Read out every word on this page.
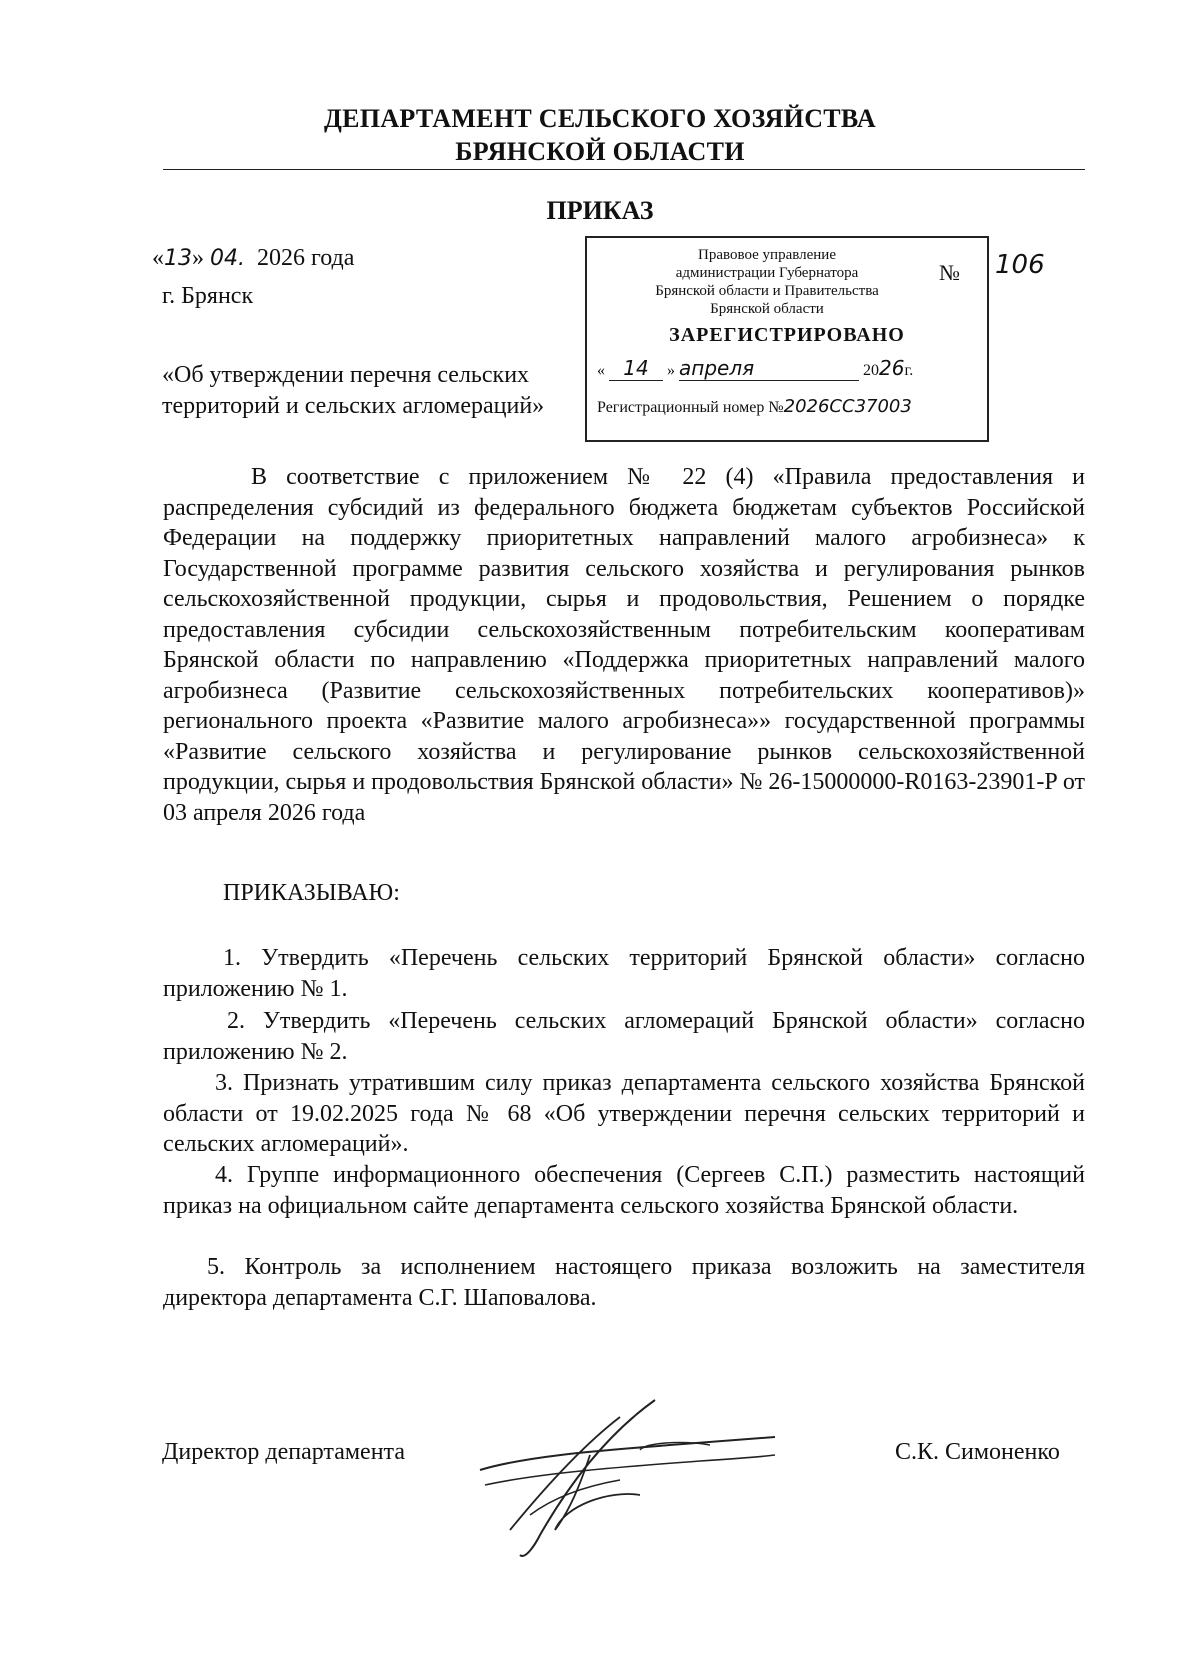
ДЕПАРТАМЕНТ СЕЛЬСКОГО ХОЗЯЙСТВА
БРЯНСКОЙ ОБЛАСТИ
ПРИКАЗ
«13» 04. 2026 года
г. Брянск
«Об утверждении перечня сельских
территорий и сельских агломераций»
Правовое управление
администрации Губернатора
Брянской области и Правительства
Брянской области
№
ЗАРЕГИСТРИРОВАНО
« 14 » апреля	2026г.
Регистрационный номер №2026СС37003
106
В соответствие с приложением № 22 (4) «Правила предоставления и распределения субсидий из федерального бюджета бюджетам субъектов Российской Федерации на поддержку приоритетных направлений малого агробизнеса» к Государственной программе развития сельского хозяйства и регулирования рынков сельскохозяйственной продукции, сырья и продовольствия, Решением о порядке предоставления субсидии сельскохозяйственным потребительским кооперативам Брянской области по направлению «Поддержка приоритетных направлений малого агробизнеса (Развитие сельскохозяйственных потребительских кооперативов)» регионального проекта «Развитие малого агробизнеса»» государственной программы «Развитие сельского хозяйства и регулирование рынков сельскохозяйственной продукции, сырья и продовольствия Брянской области» № 26-15000000-R0163-23901-P от 03 апреля 2026 года
ПРИКАЗЫВАЮ:
1. Утвердить «Перечень сельских территорий Брянской области» согласно приложению № 1.
2. Утвердить «Перечень сельских агломераций Брянской области» согласно приложению № 2.
3. Признать утратившим силу приказ департамента сельского хозяйства Брянской области от 19.02.2025 года № 68 «Об утверждении перечня сельских территорий и сельских агломераций».
4. Группе информационного обеспечения (Сергеев С.П.) разместить настоящий приказ на официальном сайте департамента сельского хозяйства Брянской области.
5. Контроль за исполнением настоящего приказа возложить на заместителя директора департамента С.Г. Шаповалова.
Директор департамента	С.К. Симоненко
